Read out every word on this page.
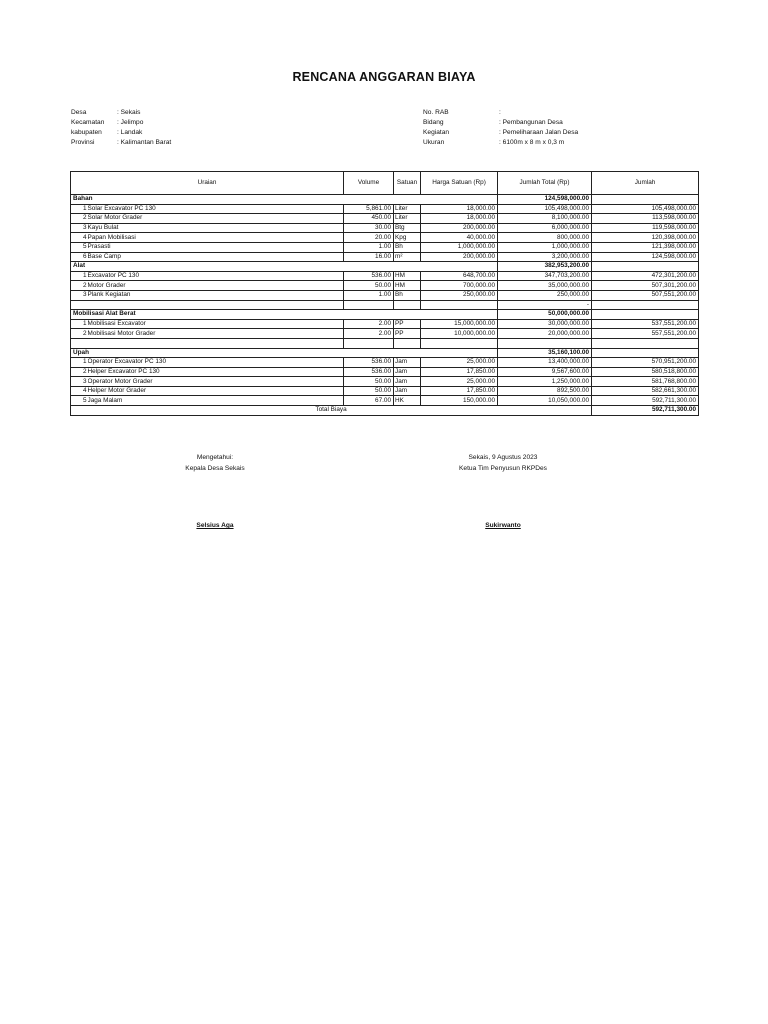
RENCANA ANGGARAN BIAYA
Desa	: Sekais
Kecamatan	: Jelimpo
kabupaten	: Landak
Provinsi	: Kalimantan Barat
No. RAB	:
Bidang	: Pembangunan Desa
Kegiatan	: Pemeliharaan Jalan Desa
Ukuran	: 6100m x 8 m x 0,3 m
Uraian		Volume	Satuan	Harga Satuan (Rp)	Jumlah Total (Rp)	Jumlah
Bahan					124,598,000.00	
1	Solar Excavator PC 130	5,861.00	Liter	18,000.00	105,498,000.00	105,498,000.00
2	Solar Motor Grader	450.00	Liter	18,000.00	8,100,000.00	113,598,000.00
3	Kayu Bulat	30.00	Btg	200,000.00	6,000,000.00	119,598,000.00
4	Papan Mobilisasi	20.00	Kpg	40,000.00	800,000.00	120,398,000.00
5	Prasasti	1.00	Bh	1,000,000.00	1,000,000.00	121,398,000.00
6	Base Camp	16.00	m²	200,000.00	3,200,000.00	124,598,000.00
Alat					382,953,200.00	
1	Excavator PC 130	536.00	HM	648,700.00	347,703,200.00	472,301,200.00
2	Motor Grader	50.00	HM	700,000.00	35,000,000.00	507,301,200.00
3	Plank Kegiatan	1.00	Bh	250,000.00	250,000.00	507,551,200.00
					-	
Mobilisasi Alat Berat					50,000,000.00	
1	Mobilisasi Excavator	2.00	PP	15,000,000.00	30,000,000.00	537,551,200.00
2	Mobilisasi Motor Grader	2.00	PP	10,000,000.00	20,000,000.00	557,551,200.00

Upah					35,160,100.00	
1	Operator Excavator PC 130	536.00	Jam	25,000.00	13,400,000.00	570,951,200.00
2	Helper Excavator PC 130	536.00	Jam	17,850.00	9,567,600.00	580,518,800.00
3	Operator Motor Grader	50.00	Jam	25,000.00	1,250,000.00	581,768,800.00
4	Helper Motor Grader	50.00	Jam	17,850.00	892,500.00	582,661,300.00
5	Jaga Malam	67.00	HK	150,000.00	10,050,000.00	592,711,300.00
Total Biaya						592,711,300.00
Mengetahui:
Kepala Desa Sekais
Selsius Aga
Sekais, 9 Agustus 2023
Ketua Tim Penyusun RKPDes
Sukirwanto
